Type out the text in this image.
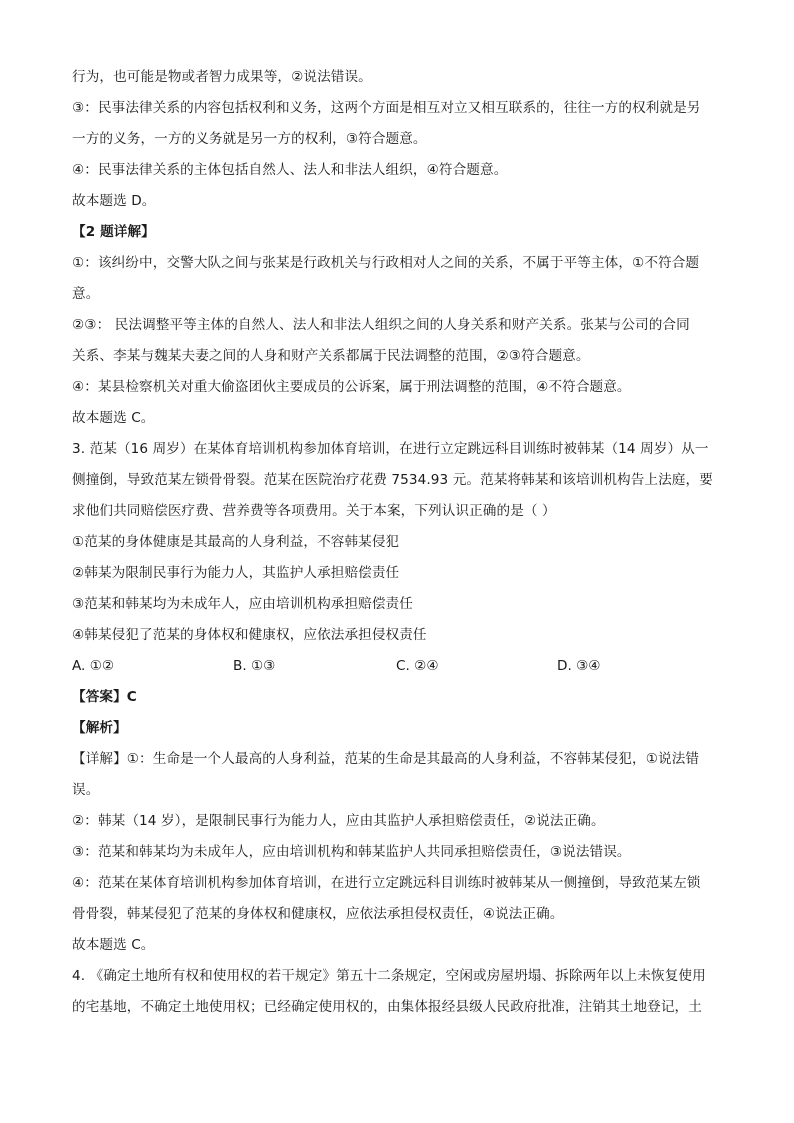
行为，也可能是物或者智力成果等，②说法错误。
③：民事法律关系的内容包括权利和义务，这两个方面是相互对立又相互联系的，往往一方的权利就是另
一方的义务，一方的义务就是另一方的权利，③符合题意。
④：民事法律关系的主体包括自然人、法人和非法人组织，④符合题意。
故本题选 D。
【2 题详解】
①：该纠纷中，交警大队之间与张某是行政机关与行政相对人之间的关系，不属于平等主体，①不符合题
意。
②③： 民法调整平等主体的自然人、法人和非法人组织之间的人身关系和财产关系。张某与公司的合同
关系、李某与魏某夫妻之间的人身和财产关系都属于民法调整的范围，②③符合题意。
④：某县检察机关对重大偷盗团伙主要成员的公诉案，属于刑法调整的范围，④不符合题意。
故本题选 C。
3. 范某（16 周岁）在某体育培训机构参加体育培训，在进行立定跳远科目训练时被韩某（14 周岁）从一
侧撞倒，导致范某左锁骨骨裂。范某在医院治疗花费 7534.93 元。范某将韩某和该培训机构告上法庭，要
求他们共同赔偿医疗费、营养费等各项费用。关于本案，下列认识正确的是（ ）
①范某的身体健康是其最高的人身利益，不容韩某侵犯
②韩某为限制民事行为能力人，其监护人承担赔偿责任
③范某和韩某均为未成年人，应由培训机构承担赔偿责任
④韩某侵犯了范某的身体权和健康权，应依法承担侵权责任
A. ①②	B. ①③	C. ②④	D. ③④
【答案】C
【解析】
【详解】①：生命是一个人最高的人身利益，范某的生命是其最高的人身利益，不容韩某侵犯，①说法错
误。
②：韩某（14 岁），是限制民事行为能力人，应由其监护人承担赔偿责任，②说法正确。
③：范某和韩某均为未成年人，应由培训机构和韩某监护人共同承担赔偿责任，③说法错误。
④：范某在某体育培训机构参加体育培训，在进行立定跳远科目训练时被韩某从一侧撞倒，导致范某左锁
骨骨裂，韩某侵犯了范某的身体权和健康权，应依法承担侵权责任，④说法正确。
故本题选 C。
4. 《确定土地所有权和使用权的若干规定》第五十二条规定，空闲或房屋坍塌、拆除两年以上未恢复使用
的宅基地，不确定土地使用权；已经确定使用权的，由集体报经县级人民政府批准，注销其土地登记，土
